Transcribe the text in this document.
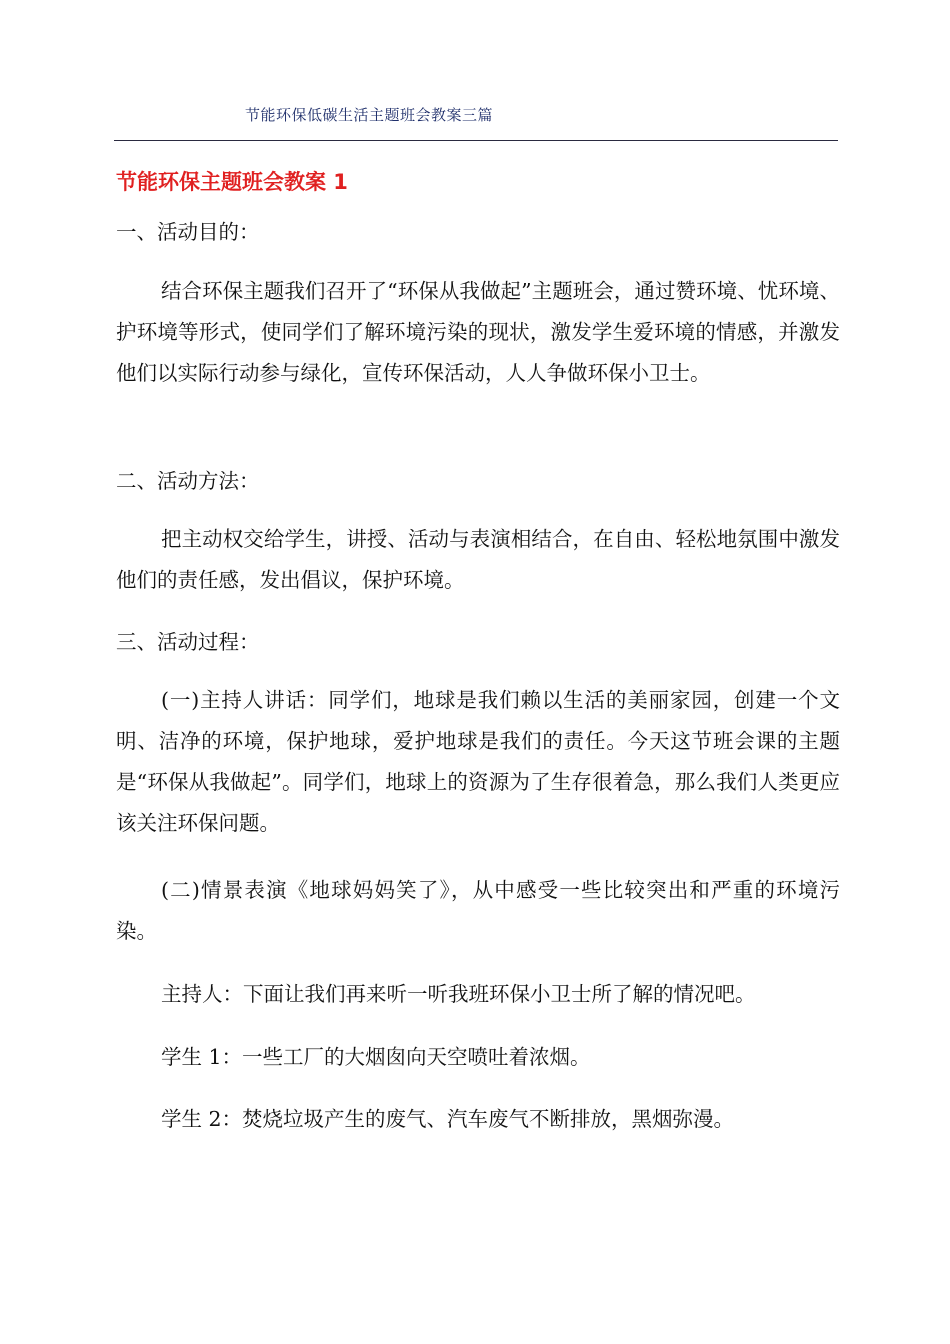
节能环保低碳生活主题班会教案三篇
节能环保主题班会教案 1

一、活动目的：

结合环保主题我们召开了“环保从我做起”主题班会，通过赞环境、忧环境、护环境等形式，使同学们了解环境污染的现状，激发学生爱环境的情感，并激发他们以实际行动参与绿化，宣传环保活动，人人争做环保小卫士。

二、活动方法：

把主动权交给学生，讲授、活动与表演相结合，在自由、轻松地氛围中激发他们的责任感，发出倡议，保护环境。

三、活动过程：

(一)主持人讲话：同学们，地球是我们赖以生活的美丽家园，创建一个文明、洁净的环境，保护地球，爱护地球是我们的责任。今天这节班会课的主题是“环保从我做起”。同学们，地球上的资源为了生存很着急，那么我们人类更应该关注环保问题。

(二)情景表演《地球妈妈笑了》，从中感受一些比较突出和严重的环境污染。

主持人：下面让我们再来听一听我班环保小卫士所了解的情况吧。

学生 1：一些工厂的大烟囱向天空喷吐着浓烟。

学生 2：焚烧垃圾产生的废气、汽车废气不断排放，黑烟弥漫。
